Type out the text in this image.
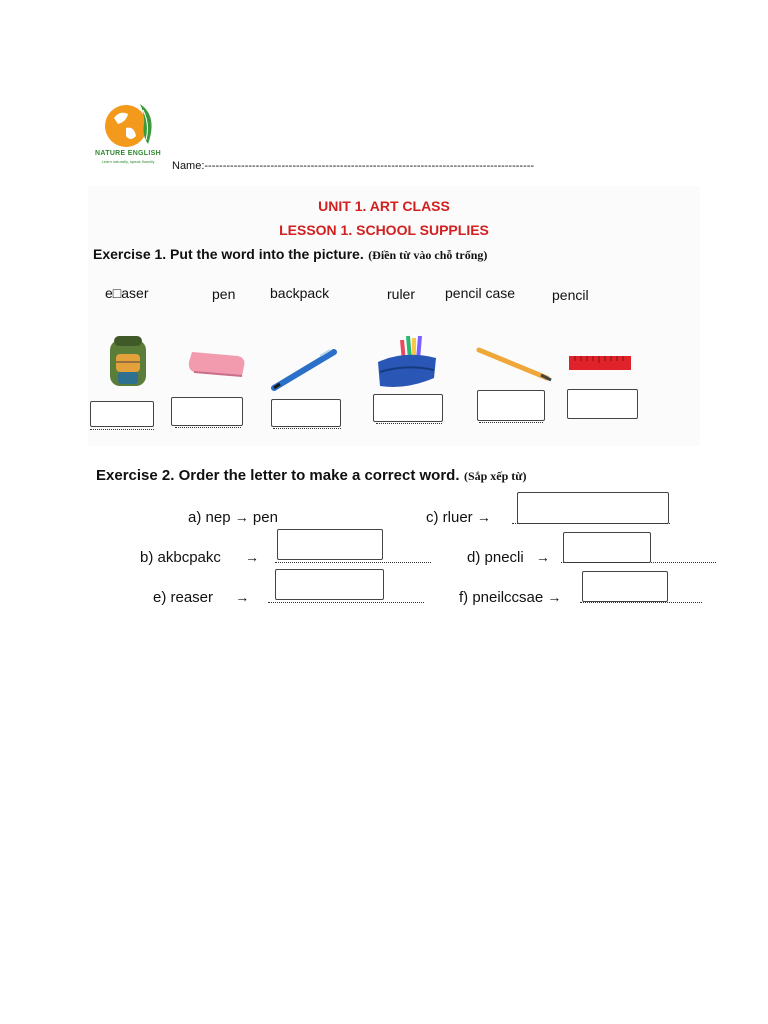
NATURE ENGLISH
Learn naturally, speak fluently	Name:------------------------------------------------------------------------------------------
UNIT 1. ART CLASS
LESSON 1. SCHOOL SUPPLIES
Exercise 1. Put the word into the picture. (Điền từ vào chỗ trống)
e□aser	pen backpack	ruler pencil case	pencil
Exercise 2. Order the letter to make a correct word. (Sắp xếp từ)
a) nep → pen	c) rluer →
b) akbcpakc →	d) pnecli →
e) reaser →	f) pneilccsae →
